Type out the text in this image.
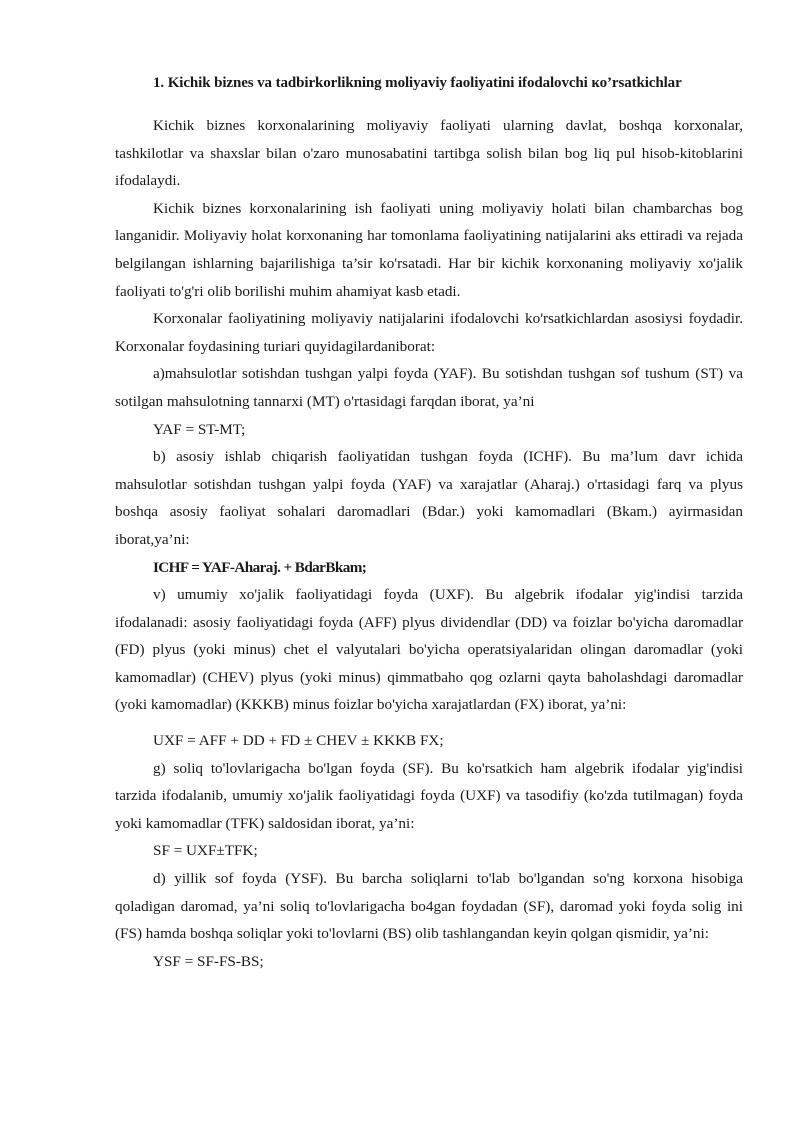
1. Kichik biznes va tadbirkorlikning moliyaviy faoliyatini ifodalovchi ĸo’rsatkichlar

Kichik biznes korxonalarining moliyaviy faoliyati ularning davlat, boshqa korxonalar, tashkilotlar va shaxslar bilan o'zaro munosabatini tartibga solish bilan bog liq pul hisob-kitoblarini ifodalaydi.

Kichik biznes korxonalarining ish faoliyati uning moliyaviy holati bilan chambarchas bog langanidir. Moliyaviy holat korxonaning har tomonlama faoliyatining natijalarini aks ettiradi va rejada belgilangan ishlarning bajarilishiga ta’sir ko'rsatadi. Har bir kichik korxonaning moliyaviy xo'jalik faoliyati to'g'ri olib borilishi muhim ahamiyat kasb etadi.

Korxonalar faoliyatining moliyaviy natijalarini ifodalovchi ko'rsatkichlardan asosiysi foydadir. Korxonalar foydasining turiari quyidagilardaniborat:

a)mahsulotlar sotishdan tushgan yalpi foyda (YAF). Bu sotishdan tushgan sof tushum (ST) va sotilgan mahsulotning tannarxi (MT) o'rtasidagi farqdan iborat, ya’ni

YAF = ST-MT;

b) asosiy ishlab chiqarish faoliyatidan tushgan foyda (ICHF). Bu ma’lum davr ichida mahsulotlar sotishdan tushgan yalpi foyda (YAF) va xarajatlar (Aharaj.) o'rtasidagi farq va plyus boshqa asosiy faoliyat sohalari daromadlari (Bdar.) yoki kamomadlari (Bkam.) ayirmasidan iborat,ya’ni:

ICHF = YAF-Aharaj. + BdarBkam;

v) umumiy xo'jalik faoliyatidagi foyda (UXF). Bu algebrik ifodalar yig'indisi tarzida ifodalanadi: asosiy faoliyatidagi foyda (AFF) plyus dividendlar (DD) va foizlar bo'yicha daromadlar (FD) plyus (yoki minus) chet el valyutalari bo'yicha operatsiyalaridan olingan daromadlar (yoki kamomadlar) (CHEV) plyus (yoki minus) qimmatbaho qog ozlarni qayta baholashdagi daromadlar (yoki kamomadlar) (KKKB) minus foizlar bo'yicha xarajatlardan (FX) iborat, ya’ni:

UXF = AFF + DD + FD ± CHEV ± KKKB FX;

g) soliq to'lovlarigacha bo'lgan foyda (SF). Bu ko'rsatkich ham algebrik ifodalar yig'indisi tarzida ifodalanib, umumiy xo'jalik faoliyatidagi foyda (UXF) va tasodifiy (ko'zda tutilmagan) foyda yoki kamomadlar (TFK) saldosidan iborat, ya’ni:

SF = UXF±TFK;

d) yillik sof foyda (YSF). Bu barcha soliqlarni to'lab bo'lgandan so'ng korxona hisobiga qoladigan daromad, ya’ni soliq to'lovlarigacha bo4gan foydadan (SF), daromad yoki foyda solig ini (FS) hamda boshqa soliqlar yoki to'lovlarni (BS) olib tashlangandan keyin qolgan qismidir, ya’ni:

YSF = SF-FS-BS;
